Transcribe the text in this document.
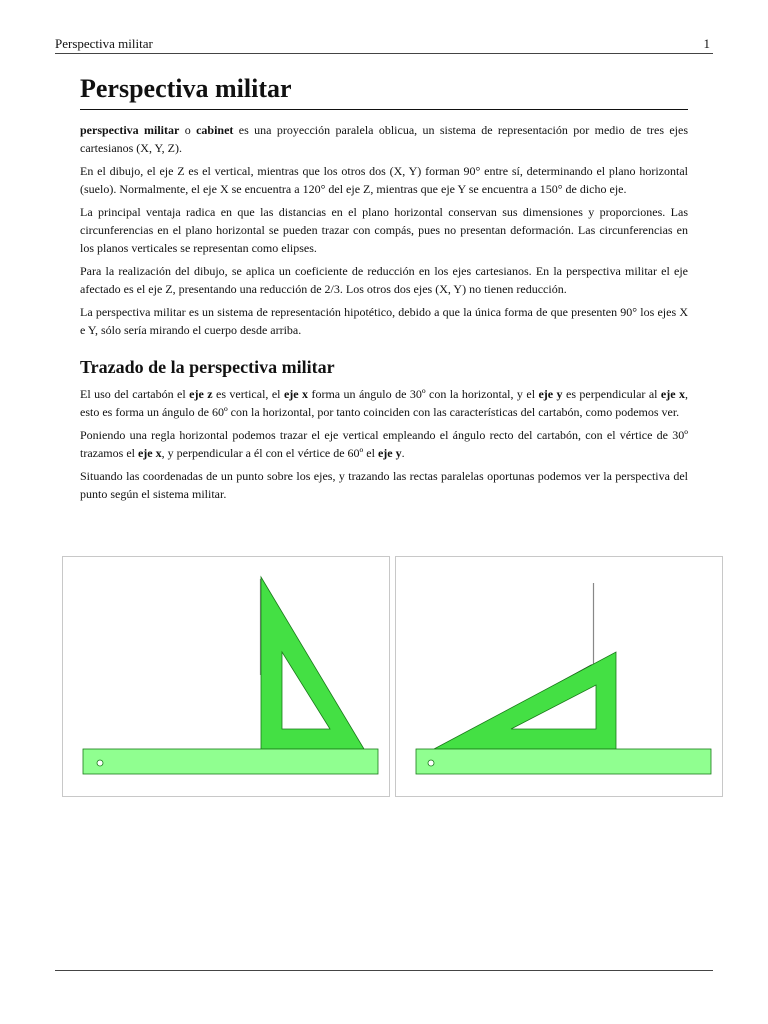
Perspectiva militar	1
Perspectiva militar

perspectiva militar o cabinet es una proyección paralela oblicua, un sistema de representación por medio de tres ejes cartesianos (X, Y, Z).

En el dibujo, el eje Z es el vertical, mientras que los otros dos (X, Y) forman 90° entre sí, determinando el plano horizontal (suelo). Normalmente, el eje X se encuentra a 120° del eje Z, mientras que eje Y se encuentra a 150° de dicho eje.

La principal ventaja radica en que las distancias en el plano horizontal conservan sus dimensiones y proporciones. Las circunferencias en el plano horizontal se pueden trazar con compás, pues no presentan deformación. Las circunferencias en los planos verticales se representan como elipses.

Para la realización del dibujo, se aplica un coeficiente de reducción en los ejes cartesianos. En la perspectiva militar el eje afectado es el eje Z, presentando una reducción de 2/3. Los otros dos ejes (X, Y) no tienen reducción.

La perspectiva militar es un sistema de representación hipotético, debido a que la única forma de que presenten 90° los ejes X e Y, sólo sería mirando el cuerpo desde arriba.

Trazado de la perspectiva militar

El uso del cartabón el eje z es vertical, el eje x forma un ángulo de 30º con la horizontal, y el eje y es perpendicular al eje x, esto es forma un ángulo de 60º con la horizontal, por tanto coinciden con las características del cartabón, como podemos ver.

Poniendo una regla horizontal podemos trazar el eje vertical empleando el ángulo recto del cartabón, con el vértice de 30º trazamos el eje x, y perpendicular a él con el vértice de 60º el eje y.

Situando las coordenadas de un punto sobre los ejes, y trazando las rectas paralelas oportunas podemos ver la perspectiva del punto según el sistema militar.
